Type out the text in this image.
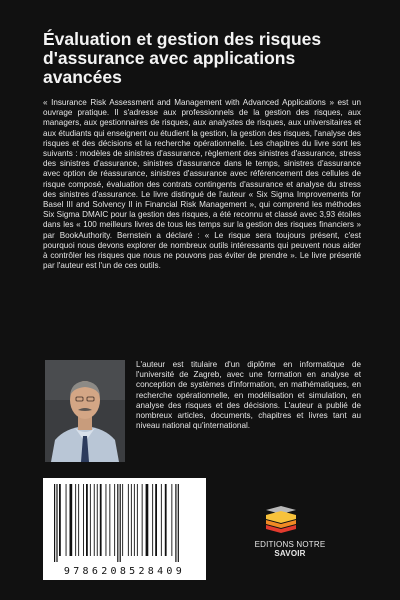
Évaluation et gestion des risques d'assurance avec applications avancées

« Insurance Risk Assessment and Management with Advanced Applications » est un ouvrage pratique. Il s'adresse aux professionnels de la gestion des risques, aux managers, aux gestionnaires de risques, aux analystes de risques, aux universitaires et aux étudiants qui enseignent ou étudient la gestion, la gestion des risques, l'analyse des risques et des décisions et la recherche opérationnelle. Les chapitres du livre sont les suivants : modèles de sinistres d'assurance, règlement des sinistres d'assurance, stress des sinistres d'assurance, sinistres d'assurance dans le temps, sinistres d'assurance avec option de réassurance, sinistres d'assurance avec référencement des cellules de risque composé, évaluation des contrats contingents d'assurance et analyse du stress des sinistres d'assurance. Le livre distingué de l'auteur « Six Sigma Improvements for Basel III and Solvency II in Financial Risk Management », qui comprend les méthodes Six Sigma DMAIC pour la gestion des risques, a été reconnu et classé avec 3,93 étoiles dans les « 100 meilleurs livres de tous les temps sur la gestion des risques financiers » par BookAuthority. Bernstein a déclaré : « Le risque sera toujours présent, c'est pourquoi nous devons explorer de nombreux outils intéressants qui peuvent nous aider à contrôler les risques que nous ne pouvons pas éviter de prendre ». Le livre présenté par l'auteur est l'un de ces outils.

L'auteur est titulaire d'un diplôme en informatique de l'université de Zagreb, avec une formation en analyse et conception de systèmes d'information, en mathématiques, en recherche opérationnelle, en modélisation et simulation, en analyse des risques et des décisions. L'auteur a publié de nombreux articles, documents, chapitres et livres tant au niveau national qu'international.

9786208528409
EDITIONS NOTRE SAVOIR
